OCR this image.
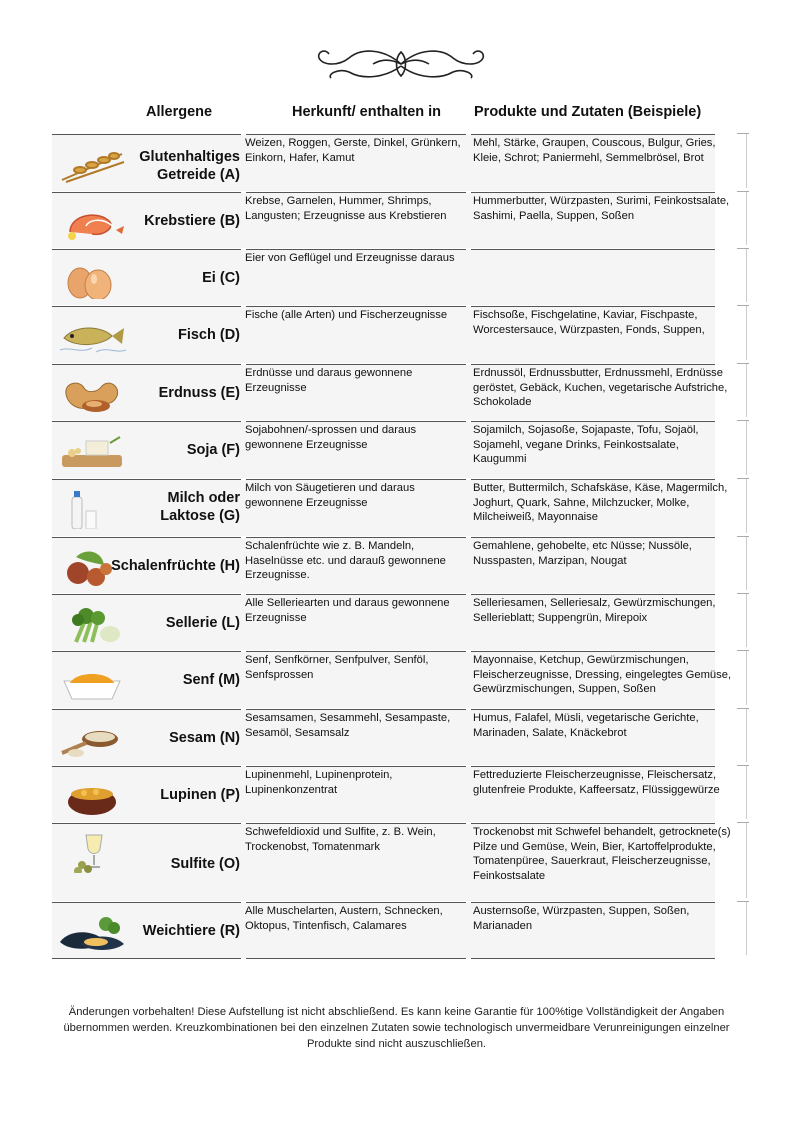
Allergene	Herkunft/ enthalten in Produkte und Zutaten (Beispiele)
Glutenhaltiges
Getreide (A)
Weizen, Roggen, Gerste, Dinkel, Grünkern, Einkorn, Hafer, Kamut
Mehl, Stärke, Graupen, Couscous, Bulgur, Gries, Kleie, Schrot; Paniermehl, Semmelbrösel, Brot
Krebstiere (B)
Krebse, Garnelen, Hummer, Shrimps, Langusten; Erzeugnisse aus Krebstieren
Hummerbutter, Würzpasten, Surimi, Feinkostsalate, Sashimi, Paella, Suppen, Soßen
Ei (C)
Eier von Geflügel und Erzeugnisse daraus
Fisch (D)
Fische (alle Arten) und Fischerzeugnisse	Fischsoße, Fischgelatine, Kaviar, Fischpaste, Worcestersauce, Würzpasten, Fonds, Suppen,
Erdnuss (E)
Erdnüsse und daraus gewonnene Erzeugnisse
Erdnussöl, Erdnussbutter, Erdnussmehl, Erdnüsse geröstet, Gebäck, Kuchen, vegetarische Aufstriche, Schokolade
Soja (F)
Sojabohnen/-sprossen und daraus gewonnene Erzeugnisse
Sojamilch, Sojasoße, Sojapaste, Tofu, Sojaöl, Sojamehl, vegane Drinks, Feinkostsalate, Kaugummi
Milch oder
Laktose (G)
Milch von Säugetieren und daraus gewonnene Erzeugnisse
Butter, Buttermilch, Schafskäse, Käse, Magermilch, Joghurt, Quark, Sahne, Milchzucker, Molke, Milcheiweiß, Mayonnaise
Schalenfrüchte (H)
Schalenfrüchte wie z. B. Mandeln, Haselnüsse etc. und darauß gewonnene Erzeugnisse.
Gemahlene, gehobelte, etc Nüsse; Nussöle, Nusspasten, Marzipan, Nougat
Sellerie (L)
Alle Selleriearten und daraus gewonnene Erzeugnisse
Selleriesamen, Selleriesalz, Gewürzmischungen, Sellerieblatt; Suppengrün, Mirepoix
Senf (M)
Senf, Senfkörner, Senfpulver, Senföl, Senfsprossen
Mayonnaise, Ketchup, Gewürzmischungen, Fleischerzeugnisse, Dressing, eingelegtes Gemüse, Gewürzmischungen, Suppen, Soßen
Sesam (N)
Sesamsamen, Sesammehl, Sesampaste, Sesamöl, Sesamsalz
Humus, Falafel, Müsli, vegetarische Gerichte, Marinaden, Salate, Knäckebrot
Lupinen (P)
Lupinenmehl, Lupinenprotein, Lupinenkonzentrat
Fettreduzierte Fleischerzeugnisse, Fleischersatz, glutenfreie Produkte, Kaffeersatz, Flüssiggewürze
Sulfite (O)
Schwefeldioxid und Sulfite, z. B. Wein, Trockenobst, Tomatenmark
Trockenobst mit Schwefel behandelt, getrocknete(s) Pilze und Gemüse, Wein, Bier, Kartoffelprodukte, Tomatenpüree, Sauerkraut, Fleischerzeugnisse, Feinkostsalate
Weichtiere (R)
Alle Muschelarten, Austern, Schnecken, Oktopus, Tintenfisch, Calamares
Austernsoße, Würzpasten, Suppen, Soßen, Marianaden
Änderungen vorbehalten! Diese Aufstellung ist nicht abschließend. Es kann keine Garantie für 100%tige Vollständigkeit der Angaben übernommen werden. Kreuzkombinationen bei den einzelnen Zutaten sowie technologisch unvermeidbare Verunreinigungen einzelner Produkte sind nicht auszuschließen.
